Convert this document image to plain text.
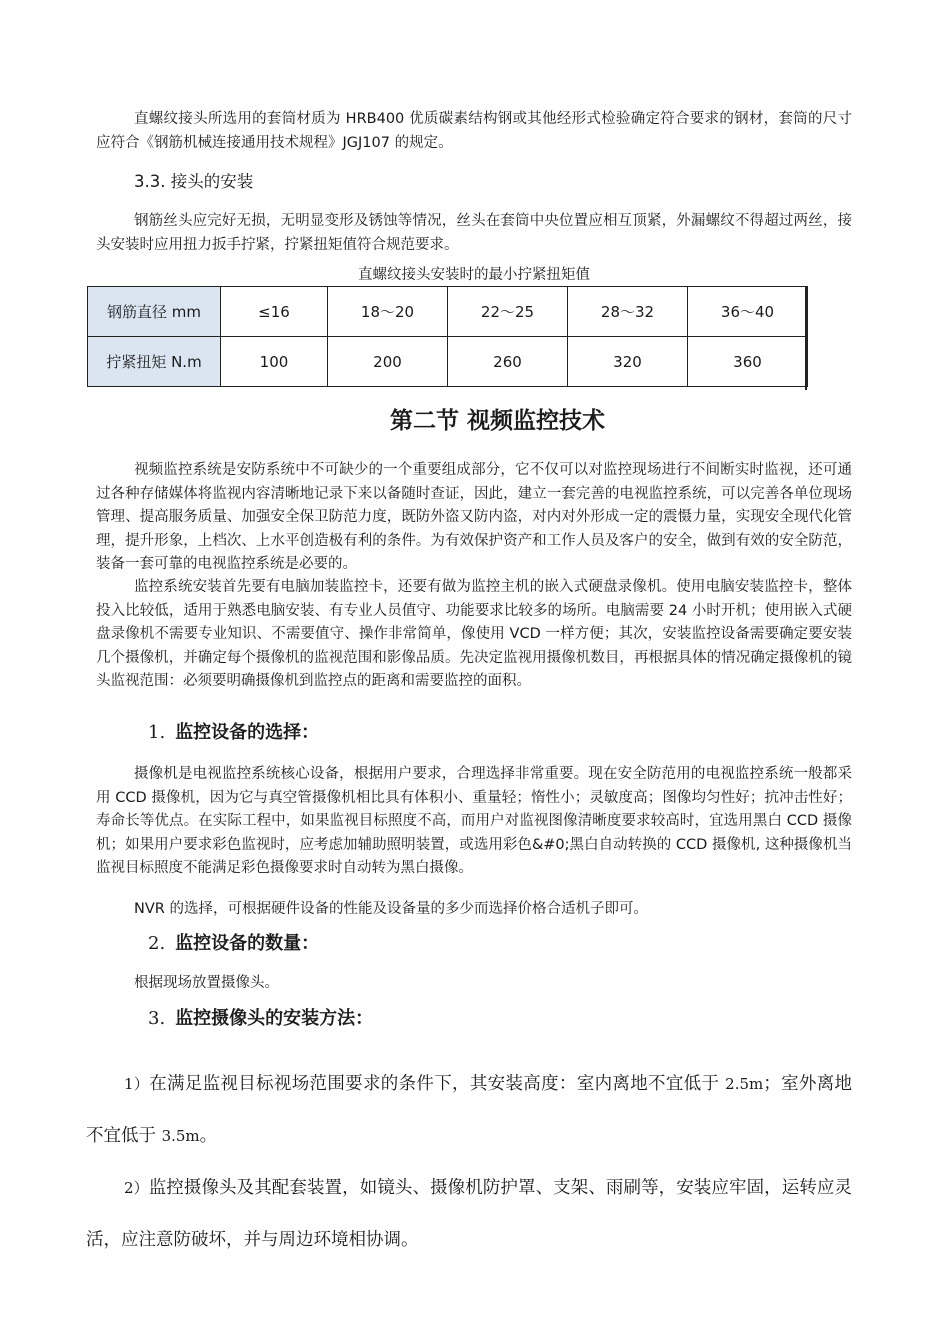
直螺纹接头所选用的套筒材质为 HRB400 优质碳素结构钢或其他经形式检验确定符合要求的钢材，套筒的尺寸应符合《钢筋机械连接通用技术规程》JGJ107 的规定。

3.3. 接头的安装

钢筋丝头应完好无损，无明显变形及锈蚀等情况，丝头在套筒中央位置应相互顶紧，外漏螺纹不得超过两丝，接头安装时应用扭力扳手拧紧，拧紧扭矩值符合规范要求。

直螺纹接头安装时的最小拧紧扭矩值

钢筋直径 mm	≤16	18～20	22～25	28～32	36～40
拧紧扭矩 N.m	100	200	260	320	360

第二节 视频监控技术

视频监控系统是安防系统中不可缺少的一个重要组成部分，它不仅可以对监控现场进行不间断实时监视，还可通过各种存储媒体将监视内容清晰地记录下来以备随时查证，因此，建立一套完善的电视监控系统，可以完善各单位现场管理、提高服务质量、加强安全保卫防范力度，既防外盗又防内盗，对内对外形成一定的震慑力量，实现安全现代化管理，提升形象，上档次、上水平创造极有利的条件。为有效保护资产和工作人员及客户的安全，做到有效的安全防范，装备一套可靠的电视监控系统是必要的。

监控系统安装首先要有电脑加装监控卡，还要有做为监控主机的嵌入式硬盘录像机。使用电脑安装监控卡，整体投入比较低，适用于熟悉电脑安装、有专业人员值守、功能要求比较多的场所。电脑需要 24 小时开机；使用嵌入式硬盘录像机不需要专业知识、不需要值守、操作非常简单，像使用 VCD 一样方便；其次，安装监控设备需要确定要安装几个摄像机，并确定每个摄像机的监视范围和影像品质。先决定监视用摄像机数目，再根据具体的情况确定摄像机的镜头监视范围：必须要明确摄像机到监控点的距离和需要监控的面积。

1. 监控设备的选择：

摄像机是电视监控系统核心设备，根据用户要求，合理选择非常重要。现在安全防范用的电视监控系统一般都采用 CCD 摄像机，因为它与真空管摄像机相比具有体积小、重量轻；惰性小；灵敏度高；图像均匀性好；抗冲击性好；寿命长等优点。在实际工程中，如果监视目标照度不高，而用户对监视图像清晰度要求较高时，宜选用黑白 CCD 摄像机；如果用户要求彩色监视时，应考虑加辅助照明装置，或选用彩色&#0;黑白自动转换的 CCD 摄像机, 这种摄像机当监视目标照度不能满足彩色摄像要求时自动转为黑白摄像。

NVR 的选择，可根据硬件设备的性能及设备量的多少而选择价格合适机子即可。

2. 监控设备的数量：

根据现场放置摄像头。

3. 监控摄像头的安装方法：

1）在满足监视目标视场范围要求的条件下，其安装高度：室内离地不宜低于 2.5m；室外离地不宜低于 3.5m。

2）监控摄像头及其配套装置，如镜头、摄像机防护罩、支架、雨刷等，安装应牢固，运转应灵活，应注意防破坏，并与周边环境相协调。
